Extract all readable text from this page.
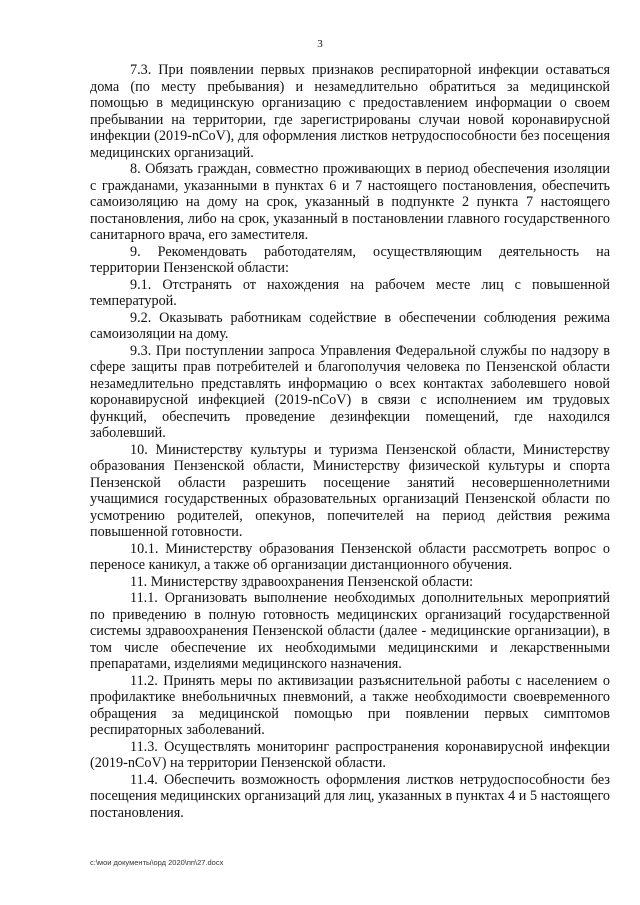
3

7.3. При появлении первых признаков респираторной инфекции оставаться дома (по месту пребывания) и незамедлительно обратиться за медицинской помощью в медицинскую организацию с предоставлением информации о своем пребывании на территории, где зарегистрированы случаи новой коронавирусной инфекции (2019-nCoV), для оформления листков нетрудоспособности без посещения медицинских организаций.

8. Обязать граждан, совместно проживающих в период обеспечения изоляции с гражданами, указанными в пунктах 6 и 7 настоящего постановления, обеспечить самоизоляцию на дому на срок, указанный в подпункте 2 пункта 7 настоящего постановления, либо на срок, указанный в постановлении главного государственного санитарного врача, его заместителя.

9. Рекомендовать работодателям, осуществляющим деятельность на территории Пензенской области:

9.1. Отстранять от нахождения на рабочем месте лиц с повышенной температурой.

9.2. Оказывать работникам содействие в обеспечении соблюдения режима самоизоляции на дому.

9.3. При поступлении запроса Управления Федеральной службы по надзору в сфере защиты прав потребителей и благополучия человека по Пензенской области незамедлительно представлять информацию о всех контактах заболевшего новой коронавирусной инфекцией (2019-nCoV) в связи с исполнением им трудовых функций, обеспечить проведение дезинфекции помещений, где находился заболевший.

10. Министерству культуры и туризма Пензенской области, Министерству образования Пензенской области, Министерству физической культуры и спорта Пензенской области разрешить посещение занятий несовершеннолетними учащимися государственных образовательных организаций Пензенской области по усмотрению родителей, опекунов, попечителей на период действия режима повышенной готовности.

10.1. Министерству образования Пензенской области рассмотреть вопрос о переносе каникул, а также об организации дистанционного обучения.

11. Министерству здравоохранения Пензенской области:

11.1. Организовать выполнение необходимых дополнительных мероприятий по приведению в полную готовность медицинских организаций государственной системы здравоохранения Пензенской области (далее - медицинские организации), в том числе обеспечение их необходимыми медицинскими и лекарственными препаратами, изделиями медицинского назначения.

11.2. Принять меры по активизации разъяснительной работы с населением о профилактике внебольничных пневмоний, а также необходимости своевременного обращения за медицинской помощью при появлении первых симптомов респираторных заболеваний.

11.3. Осуществлять мониторинг распространения коронавирусной инфекции (2019-nCoV) на территории Пензенской области.

11.4. Обеспечить возможность оформления листков нетрудоспособности без посещения медицинских организаций для лиц, указанных в пунктах 4 и 5 настоящего постановления.

c:\мои документы\орд 2020\пп\27.docx
